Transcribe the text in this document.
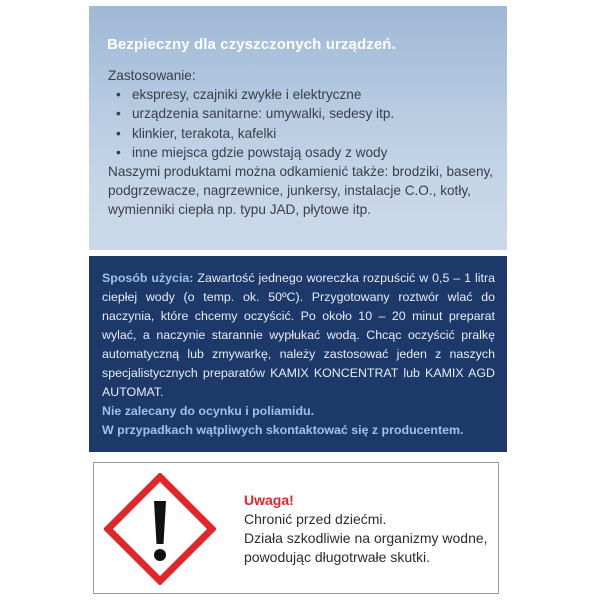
Bezpieczny dla czyszczonych urządzeń.
Zastosowanie:
• ekspresy, czajniki zwykłe i elektryczne
• urządzenia sanitarne: umywalki, sedesy itp.
• klinkier, terakota, kafelki
• inne miejsca gdzie powstają osady z wody
Naszymi produktami można odkamienić także: brodziki, baseny, podgrzewacze, nagrzewnice, junkersy, instalacje C.O., kotły, wymienniki ciepła np. typu JAD, płytowe itp.
Sposób użycia: Zawartość jednego woreczka rozpuścić w 0,5 – 1 litra ciepłej wody (o temp. ok. 50ºC). Przygotowany roztwór wlać do naczynia, które chcemy oczyścić. Po około 10 – 20 minut preparat wylać, a naczynie starannie wypłukać wodą. Chcąc oczyścić pralkę automatyczną lub zmywarkę, należy zastosować jeden z naszych specjalistycznych preparatów KAMIX KONCENTRAT lub KAMIX AGD AUTOMAT.
Nie zalecany do ocynku i poliamidu.
W przypadkach wątpliwych skontaktować się z producentem.
Uwaga!
Chronić przed dziećmi.
Działa szkodliwie na organizmy wodne,
powodując długotrwałe skutki.
